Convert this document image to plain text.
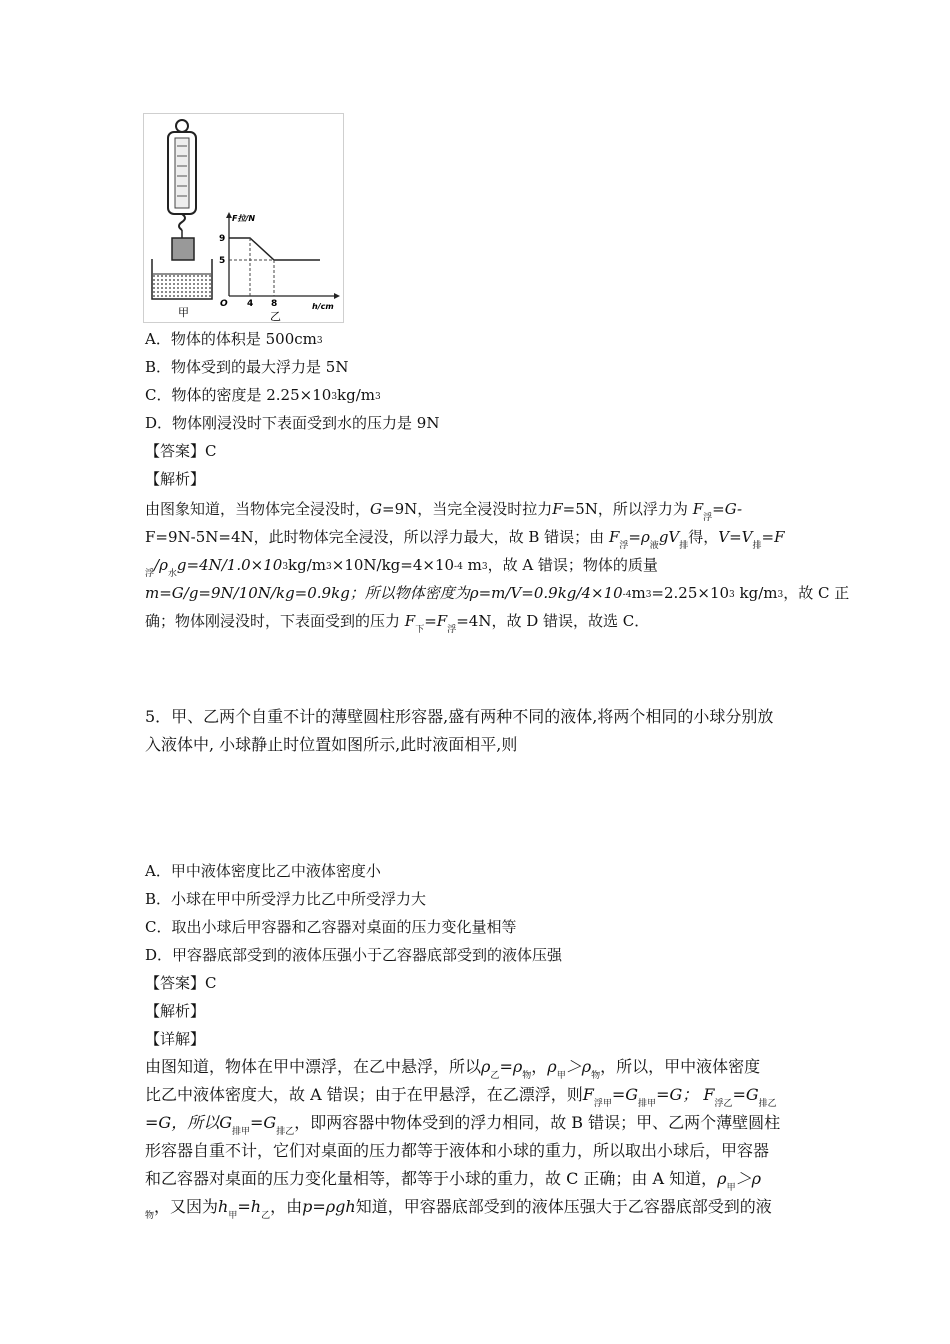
甲
F拉/N
9
5
O 4 8	h/cm
乙
A．物体的体积是 500cm3
B．物体受到的最大浮力是 5N
C．物体的密度是 2.25×103kg/m3
D．物体刚浸没时下表面受到水的压力是 9N
【答案】C
【解析】
由图象知道，当物体完全浸没时，G=9N，当完全浸没时拉力F=5N，所以浮力为 $F_浮=G-$
F=9N-5N=4N，此时物体完全浸没，所以浮力最大，故 B 错误；由 $F_浮=\rho_液gV_排$得，$V=V_排=F$
$_浮/\rho_水g=4N/1.0\times 103kg/m3\times 10N/kg=4\times 10-4$ m3，故 A 错误；物体的质量
m=G/g=9N/10N/kg=0.9kg；所以物体密度为ρ=m/V=0.9kg/4×10-4m3=2.25×103 kg/m3，故 C 正
确；物体刚浸没时，下表面受到的压力 $F_下=F_浮=4N$，故 D 错误，故选 C．
5．甲、乙两个自重不计的薄壁圆柱形容器,盛有两种不同的液体,将两个相同的小球分别放
入液体中, 小球静止时位置如图所示,此时液面相平,则
A．甲中液体密度比乙中液体密度小
B．小球在甲中所受浮力比乙中所受浮力大
C．取出小球后甲容器和乙容器对桌面的压力变化量相等
D．甲容器底部受到的液体压强小于乙容器底部受到的液体压强
【答案】C
【解析】
【详解】
由图知道，物体在甲中漂浮，在乙中悬浮，所以$\rho_乙=\rho_物$，$\rho_甲>\rho_物$，所以，甲中液体密度
比乙中液体密度大，故 A 错误；由于在甲悬浮，在乙漂浮，则$F_{浮甲}=G_{排甲}=G$； $F_{浮乙}=G_{排乙}$
=G，所以$G_{排甲}=G_{排乙}$，即两容器中物体受到的浮力相同，故 B 错误；甲、乙两个薄壁圆柱
形容器自重不计，它们对桌面的压力都等于液体和小球的重力，所以取出小球后，甲容器
和乙容器对桌面的压力变化量相等，都等于小球的重力，故 C 正确；由 A 知道，$\rho_甲>\rho$
$_物$，又因为$h_甲=h_乙$，由p=ρgh知道，甲容器底部受到的液体压强大于乙容器底部受到的液
